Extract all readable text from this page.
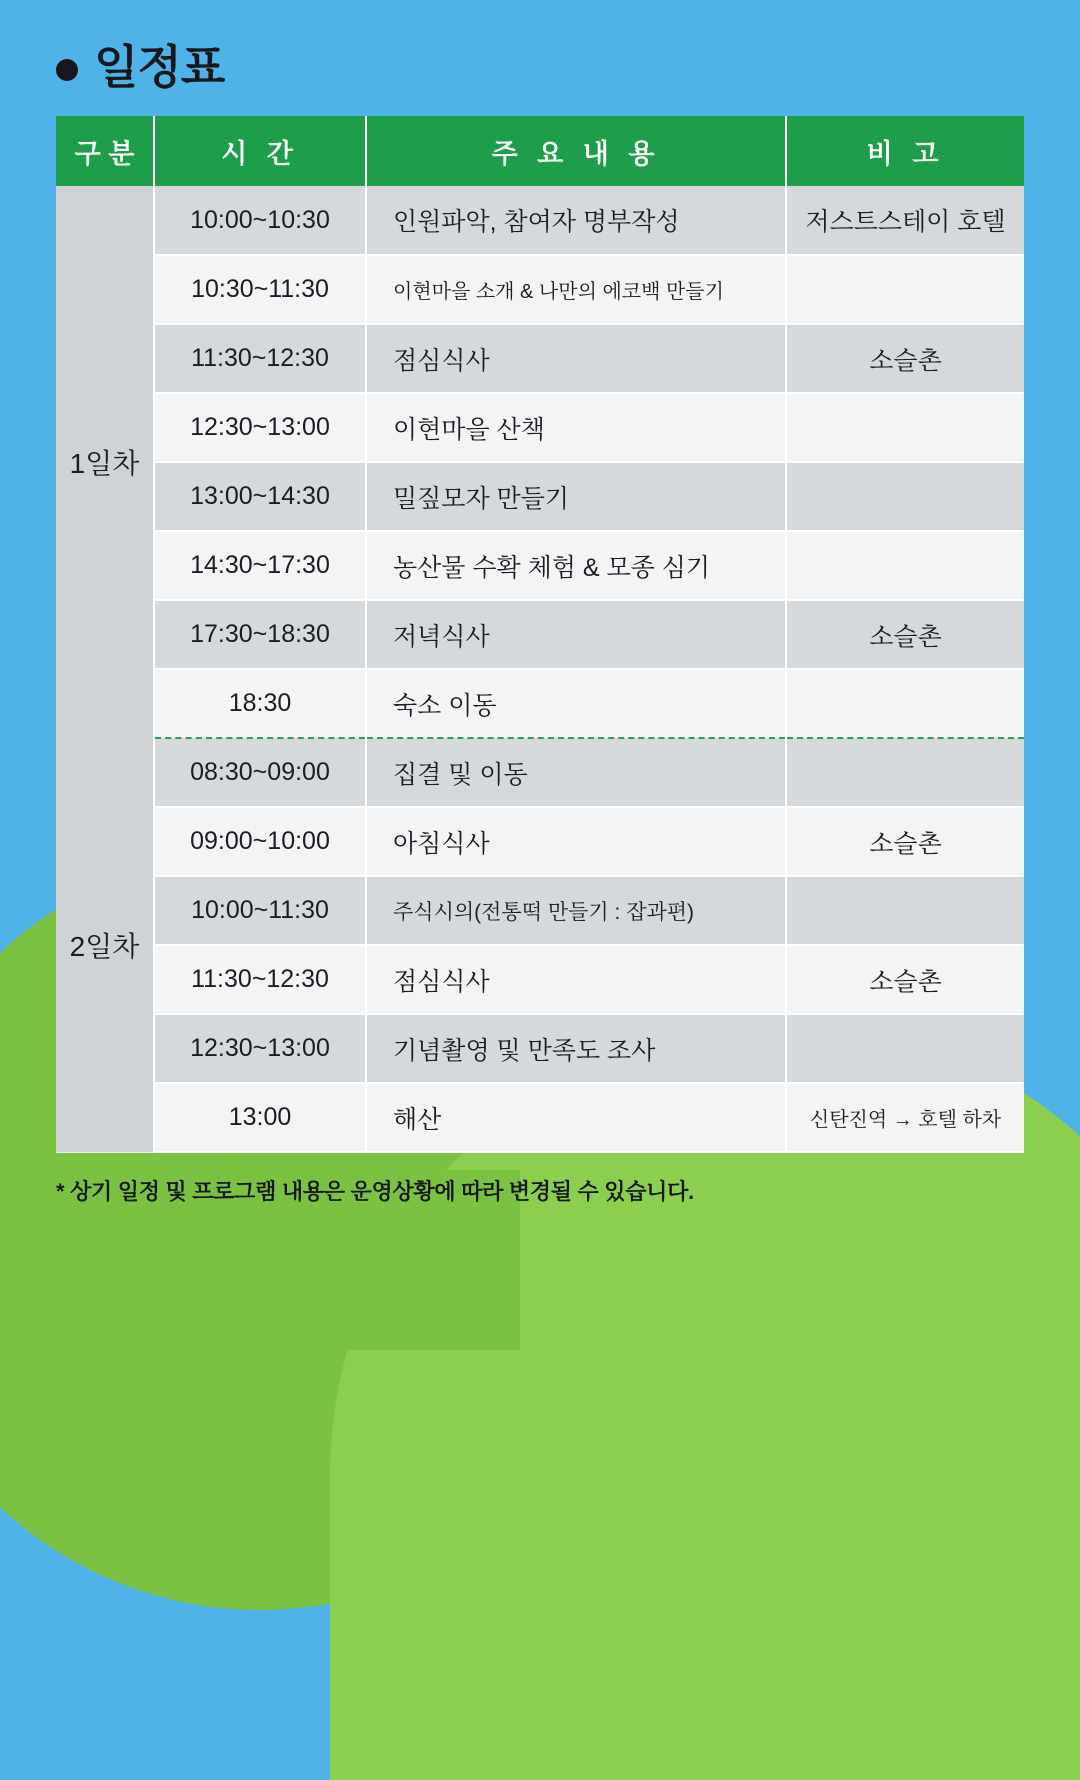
일정표
구 분	시 간	주 요 내 용	비 고
1일차	10:00~10:30	인원파악, 참여자 명부작성	저스트스테이 호텔
	10:30~11:30	이현마을 소개 & 나만의 에코백 만들기	
	11:30~12:30	점심식사	소슬촌
	12:30~13:00	이현마을 산책	
	13:00~14:30	밀짚모자 만들기	
	14:30~17:30	농산물 수확 체험 & 모종 심기	
	17:30~18:30	저녁식사	소슬촌
	18:30	숙소 이동	
2일차	08:30~09:00	집결 및 이동	
	09:00~10:00	아침식사	소슬촌
	10:00~11:30	주식시의(전통떡 만들기 : 잡과편)	
	11:30~12:30	점심식사	소슬촌
	12:30~13:00	기념촬영 및 만족도 조사	
	13:00	해산	신탄진역 → 호텔 하차
* 상기 일정 및 프로그램 내용은 운영상황에 따라 변경될 수 있습니다.
